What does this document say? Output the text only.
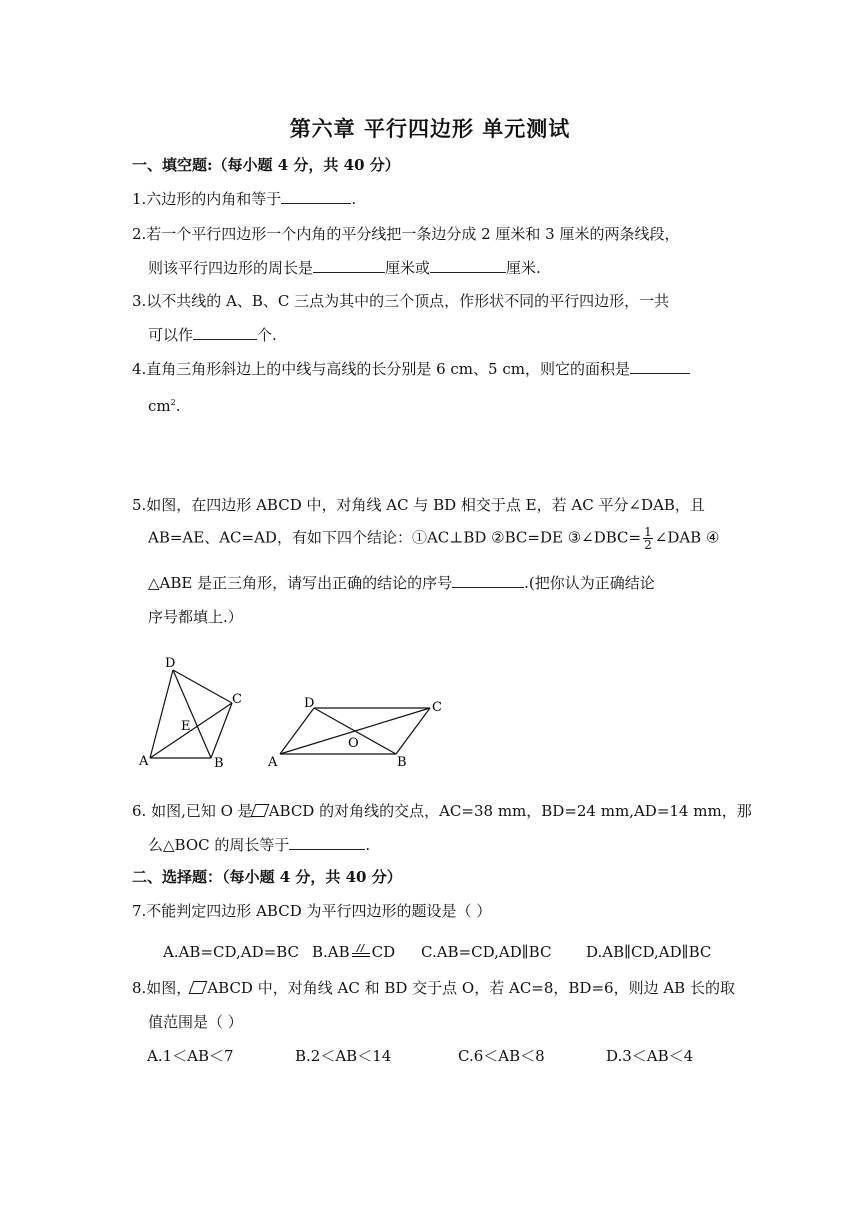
第六章 平行四边形 单元测试
一、填空题:（每小题 4 分，共 40 分）
1.六边形的内角和等于	.
2.若一个平行四边形一个内角的平分线把一条边分成 2 厘米和 3 厘米的两条线段，
则该平行四边形的周长是	厘米或	厘米.
3.以不共线的 A、B、C 三点为其中的三个顶点，作形状不同的平行四边形，一共
可以作	个.
4.直角三角形斜边上的中线与高线的长分别是 6 cm、5 cm，则它的面积是
$cm^2$.
5.如图，在四边形 ABCD 中，对角线 AC 与 BD 相交于点 E，若 AC 平分∠DAB，且
AB=AE、AC=AD，有如下四个结论：①AC⊥BD ②BC=DE ③∠DBC= $\frac{1}{2}$ ∠DAB ④
△ABE 是正三角形，请写出正确的结论的序号	.(把你认为正确结论
序号都填上.）
D
C
E
A	B
D	C
O
A	B
6. 如图,已知 O 是 ABCD 的对角线的交点，AC=38 mm，BD=24 mm,AD=14 mm，那
么△BOC 的周长等于	.
二、选择题：（每小题 4 分，共 40 分）
7.不能判定四边形 ABCD 为平行四边形的题设是（ ）
A.AB=CD,AD=BC B.AB CD C.AB=CD,AD∥BC D.AB∥CD,AD∥BC
8.如图， ABCD 中，对角线 AC 和 BD 交于点 O，若 AC=8，BD=6，则边 AB 长的取
值范围是（ ）
A.1＜AB＜7	B.2＜AB＜14	C.6＜AB＜8	D.3＜AB＜4
